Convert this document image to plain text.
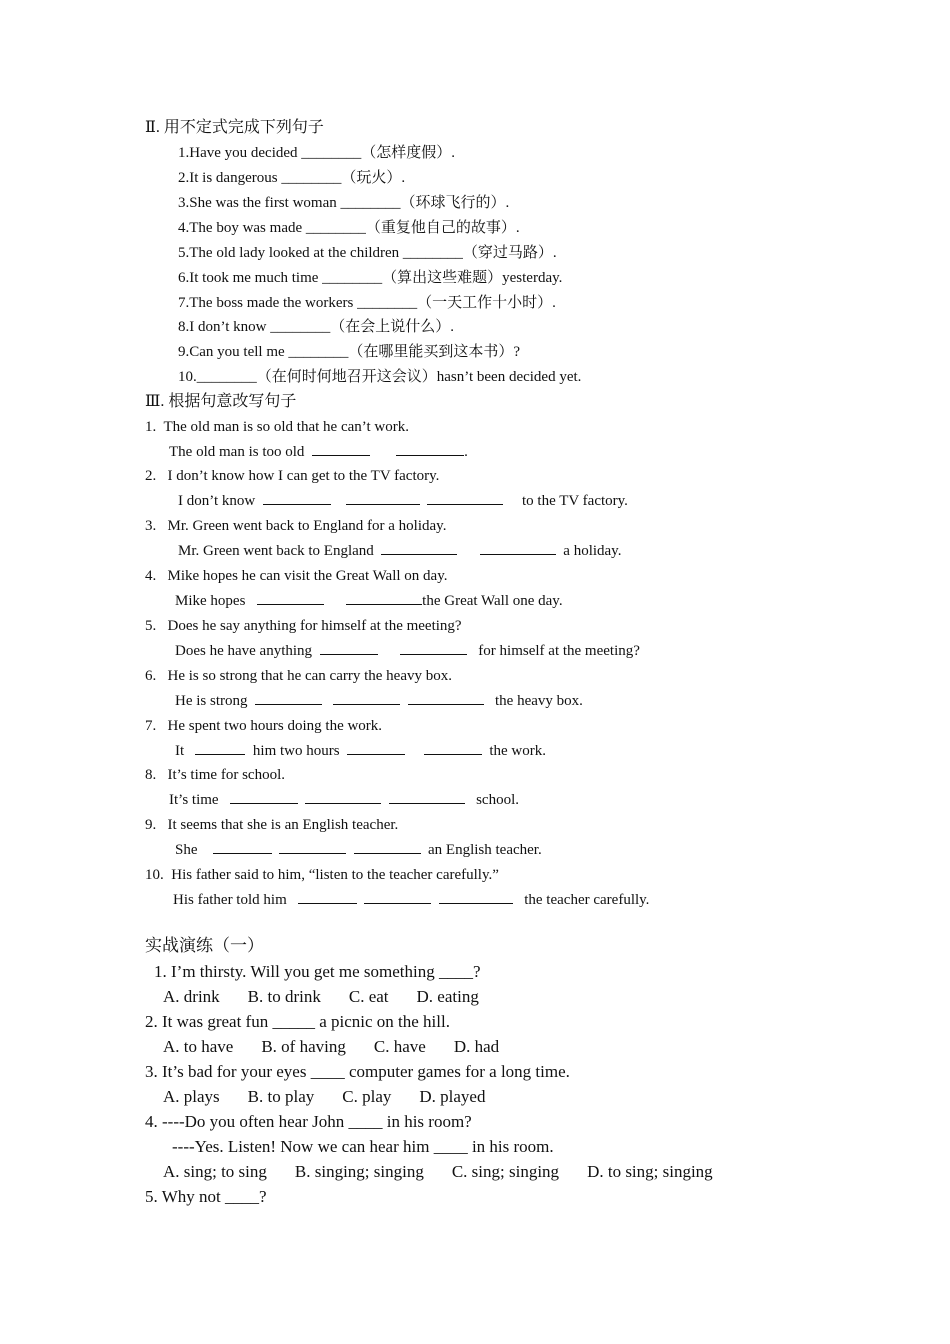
Ⅱ. 用不定式完成下列句子
1.Have you decided ________（怎样度假）.
2.It is dangerous ________（玩火）.
3.She was the first woman ________（环球飞行的）.
4.The boy was made ________（重复他自己的故事）.
5.The old lady looked at the children ________（穿过马路）.
6.It took me much time ________（算出这些难题）yesterday.
7.The boss made the workers ________（一天工作十小时）.
8.I don’t know ________（在会上说什么）.
9.Can you tell me ________（在哪里能买到这本书）?
10.________（在何时何地召开这会议）hasn’t been decided yet.
Ⅲ. 根据句意改写句子
1. The old man is so old that he can’t work.
The old man is too old	.
2. I don’t know how I can get to the TV factory.
I don’t know	to the TV factory.
3. Mr. Green went back to England for a holiday.
Mr. Green went back to England	a holiday.
4. Mike hopes he can visit the Great Wall on day.
Mike hopes	the Great Wall one day.
5. Does he say anything for himself at the meeting?
Does he have anything	for himself at the meeting?
6. He is so strong that he can carry the heavy box.
He is strong	the heavy box.
7. He spent two hours doing the work.
It	him two hours	the work.
8. It’s time for school.
It’s time	school.
9. It seems that she is an English teacher.
She	an English teacher.
10. His father said to him, “listen to the teacher carefully.”
His father told him	the teacher carefully.
实战演练（一）
1. I’m thirsty. Will you get me something ____?
A. drink B. to drink C. eat D. eating
2. It was great fun _____ a picnic on the hill.
A. to have B. of having C. have D. had
3. It’s bad for your eyes ____ computer games for a long time.
A. plays B. to play C. play D. played
4. ----Do you often hear John ____ in his room?
----Yes. Listen! Now we can hear him ____ in his room.
A. sing; to sing B. singing; singing C. sing; singing D. to sing; singing
5. Why not ____?
